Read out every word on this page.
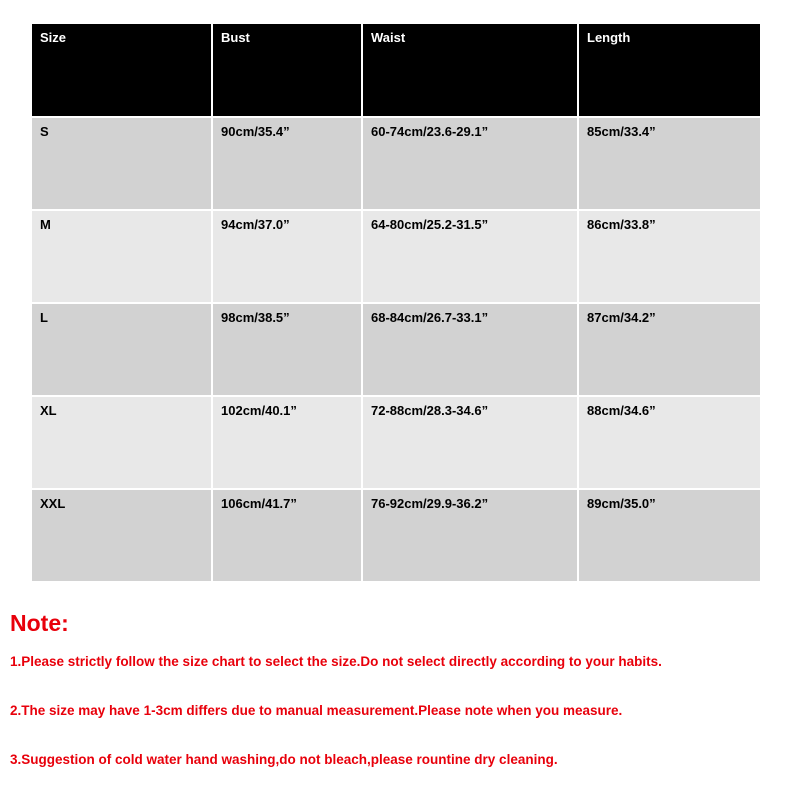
Size	Bust	Waist	Length
S	90cm/35.4”	60-74cm/23.6-29.1”	85cm/33.4”
M	94cm/37.0”	64-80cm/25.2-31.5”	86cm/33.8”
L	98cm/38.5”	68-84cm/26.7-33.1”	87cm/34.2”
XL	102cm/40.1”	72-88cm/28.3-34.6”	88cm/34.6”
XXL	106cm/41.7”	76-92cm/29.9-36.2”	89cm/35.0”
Note:
1.Please strictly follow the size chart to select the size.Do not select directly according to your habits.
2.The size may have 1-3cm differs due to manual measurement.Please note when you measure.
3.Suggestion of cold water hand washing,do not bleach,please rountine dry cleaning.
